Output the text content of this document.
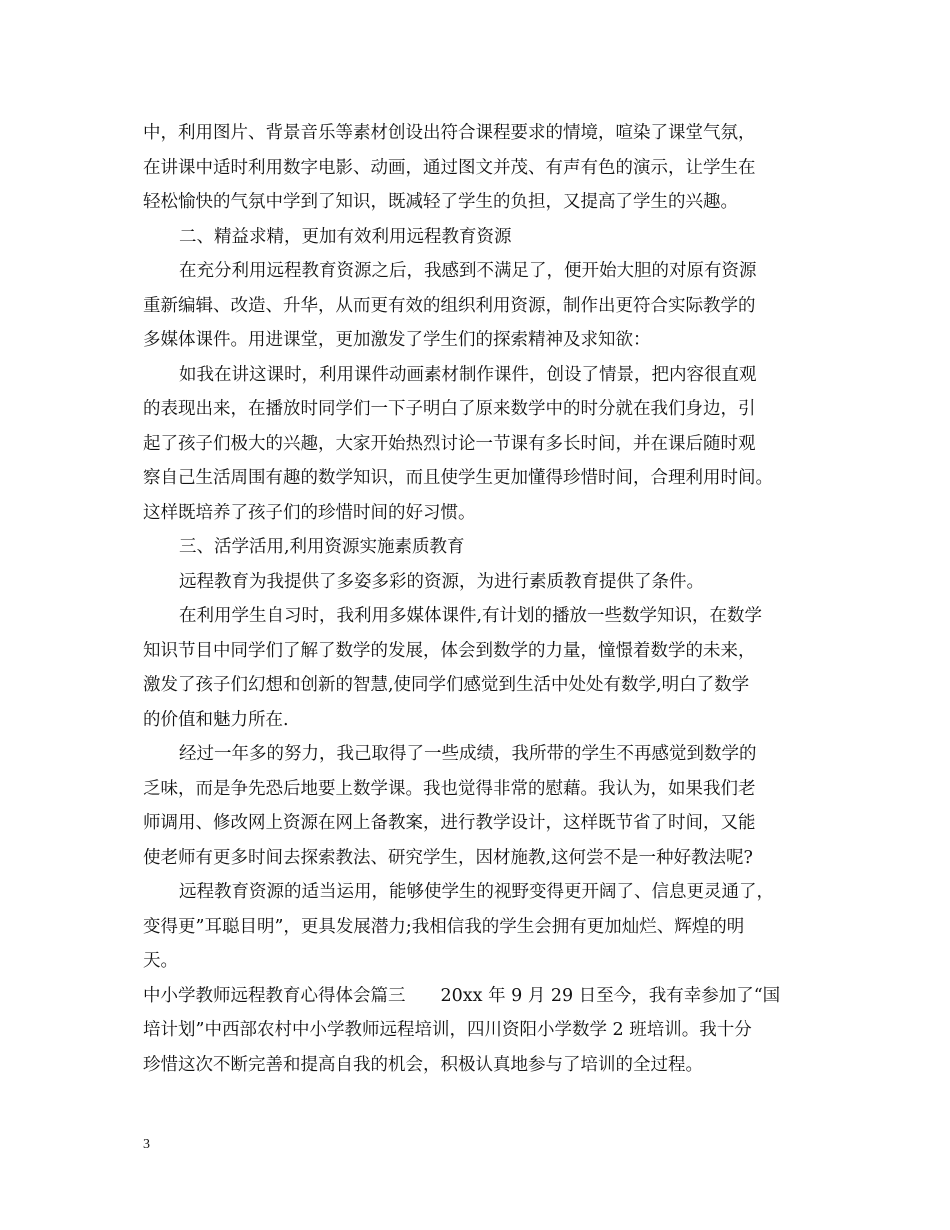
中，利用图片、背景音乐等素材创设出符合课程要求的情境，喧染了课堂气氛，
在讲课中适时利用数字电影、动画，通过图文并茂、有声有色的演示，让学生在
轻松愉快的气氛中学到了知识，既减轻了学生的负担，又提高了学生的兴趣。
二、精益求精，更加有效利用远程教育资源
在充分利用远程教育资源之后，我感到不满足了，便开始大胆的对原有资源
重新编辑、改造、升华，从而更有效的组织利用资源，制作出更符合实际教学的
多媒体课件。用进课堂，更加激发了学生们的探索精神及求知欲：
如我在讲这课时，利用课件动画素材制作课件，创设了情景，把内容很直观
的表现出来，在播放时同学们一下子明白了原来数学中的时分就在我们身边，引
起了孩子们极大的兴趣，大家开始热烈讨论一节课有多长时间，并在课后随时观
察自己生活周围有趣的数学知识，而且使学生更加懂得珍惜时间，合理利用时间。
这样既培养了孩子们的珍惜时间的好习惯。
三、活学活用,利用资源实施素质教育
远程教育为我提供了多姿多彩的资源，为进行素质教育提供了条件。
在利用学生自习时，我利用多媒体课件,有计划的播放一些数学知识，在数学
知识节目中同学们了解了数学的发展，体会到数学的力量，憧憬着数学的未来，
激发了孩子们幻想和创新的智慧,使同学们感觉到生活中处处有数学,明白了数学
的价值和魅力所在.
经过一年多的努力，我己取得了一些成绩，我所带的学生不再感觉到数学的
乏味，而是争先恐后地要上数学课。我也觉得非常的慰藉。我认为，如果我们老
师调用、修改网上资源在网上备教案，进行教学设计，这样既节省了时间，又能
使老师有更多时间去探索教法、研究学生，因材施教,这何尝不是一种好教法呢?
远程教育资源的适当运用，能够使学生的视野变得更开阔了、信息更灵通了，
变得更”耳聪目明”，更具发展潜力;我相信我的学生会拥有更加灿烂、辉煌的明
天。
中小学教师远程教育心得体会篇三　　20xx 年 9 月 29 日至今，我有幸参加了“国
培计划”中西部农村中小学教师远程培训，四川资阳小学数学 2 班培训。我十分
珍惜这次不断完善和提高自我的机会，积极认真地参与了培训的全过程。
3
